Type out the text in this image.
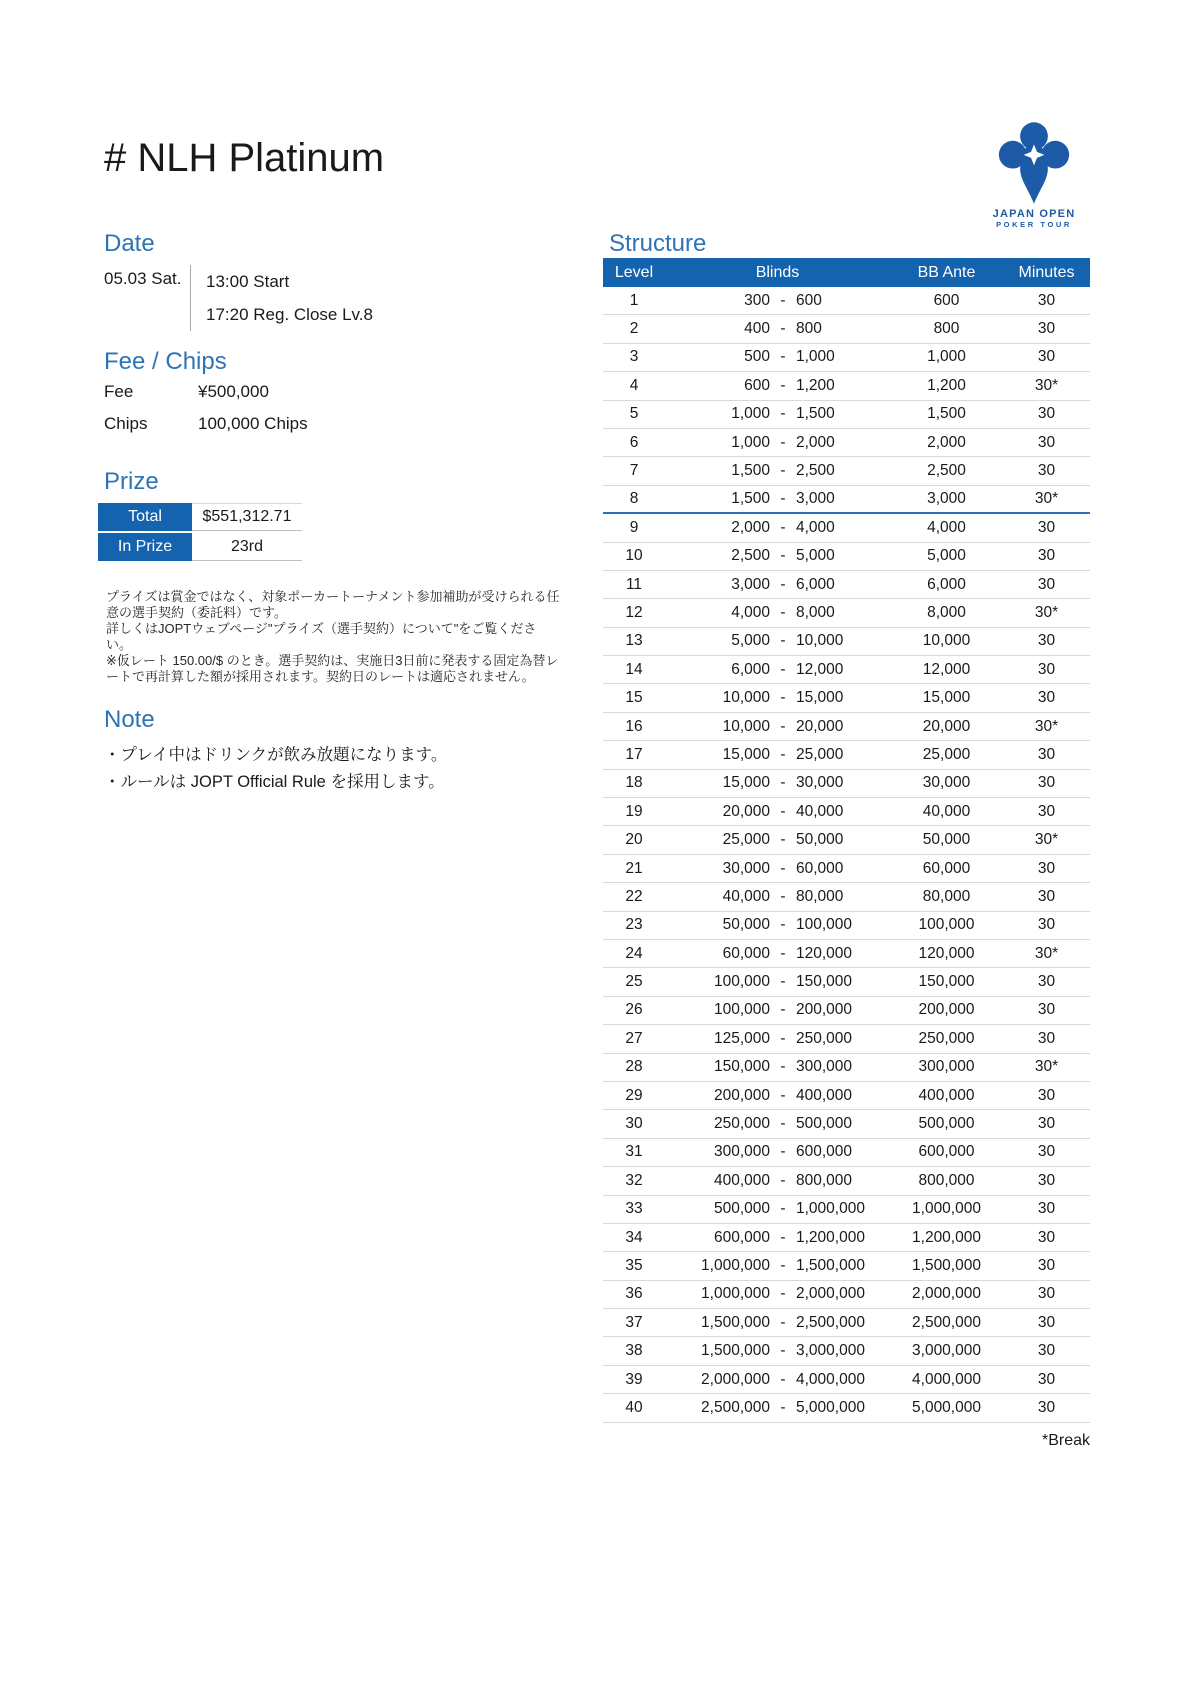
# NLH Platinum
JAPAN OPEN
POKER TOUR
Date
05.03 Sat.	13:00 Start
17:20 Reg. Close Lv.8
Fee / Chips
Fee	¥500,000
Chips	100,000 Chips
Prize
Total	$551,312.71
In Prize	23rd

プライズは賞金ではなく、対象ポーカートーナメント参加補助が受けられる任意の選手契約（委託料）です。

詳しくはJOPTウェブページ"プライズ（選手契約）について"をご覧ください。

※仮レート 150.00/$ のとき。選手契約は、実施日3日前に発表する固定為替レートで再計算した額が採用されます。契約日のレートは適応されません。

Note
・プレイ中はドリンクが飲み放題になります。
・ルールは JOPT Official Rule を採用します。
Structure
Level	Blinds	BB Ante	Minutes
1	300 - 600	600	30
2	400 - 800	800	30
3	500 - 1,000	1,000	30
4	600 - 1,200	1,200	30*
5	1,000 - 1,500	1,500	30
6	1,000 - 2,000	2,000	30
7	1,500 - 2,500	2,500	30
8	1,500 - 3,000	3,000	30*
9	2,000 - 4,000	4,000	30
10	2,500 - 5,000	5,000	30
11	3,000 - 6,000	6,000	30
12	4,000 - 8,000	8,000	30*
13	5,000 - 10,000	10,000	30
14	6,000 - 12,000	12,000	30
15	10,000 - 15,000	15,000	30
16	10,000 - 20,000	20,000	30*
17	15,000 - 25,000	25,000	30
18	15,000 - 30,000	30,000	30
19	20,000 - 40,000	40,000	30
20	25,000 - 50,000	50,000	30*
21	30,000 - 60,000	60,000	30
22	40,000 - 80,000	80,000	30
23	50,000 - 100,000	100,000	30
24	60,000 - 120,000	120,000	30*
25	100,000 - 150,000	150,000	30
26	100,000 - 200,000	200,000	30
27	125,000 - 250,000	250,000	30
28	150,000 - 300,000	300,000	30*
29	200,000 - 400,000	400,000	30
30	250,000 - 500,000	500,000	30
31	300,000 - 600,000	600,000	30
32	400,000 - 800,000	800,000	30
33	500,000 - 1,000,000	1,000,000	30
34	600,000 - 1,200,000	1,200,000	30
35	1,000,000 - 1,500,000	1,500,000	30
36	1,000,000 - 2,000,000	2,000,000	30
37	1,500,000 - 2,500,000	2,500,000	30
38	1,500,000 - 3,000,000	3,000,000	30
39	2,000,000 - 4,000,000	4,000,000	30
40	2,500,000 - 5,000,000	5,000,000	30
*Break
